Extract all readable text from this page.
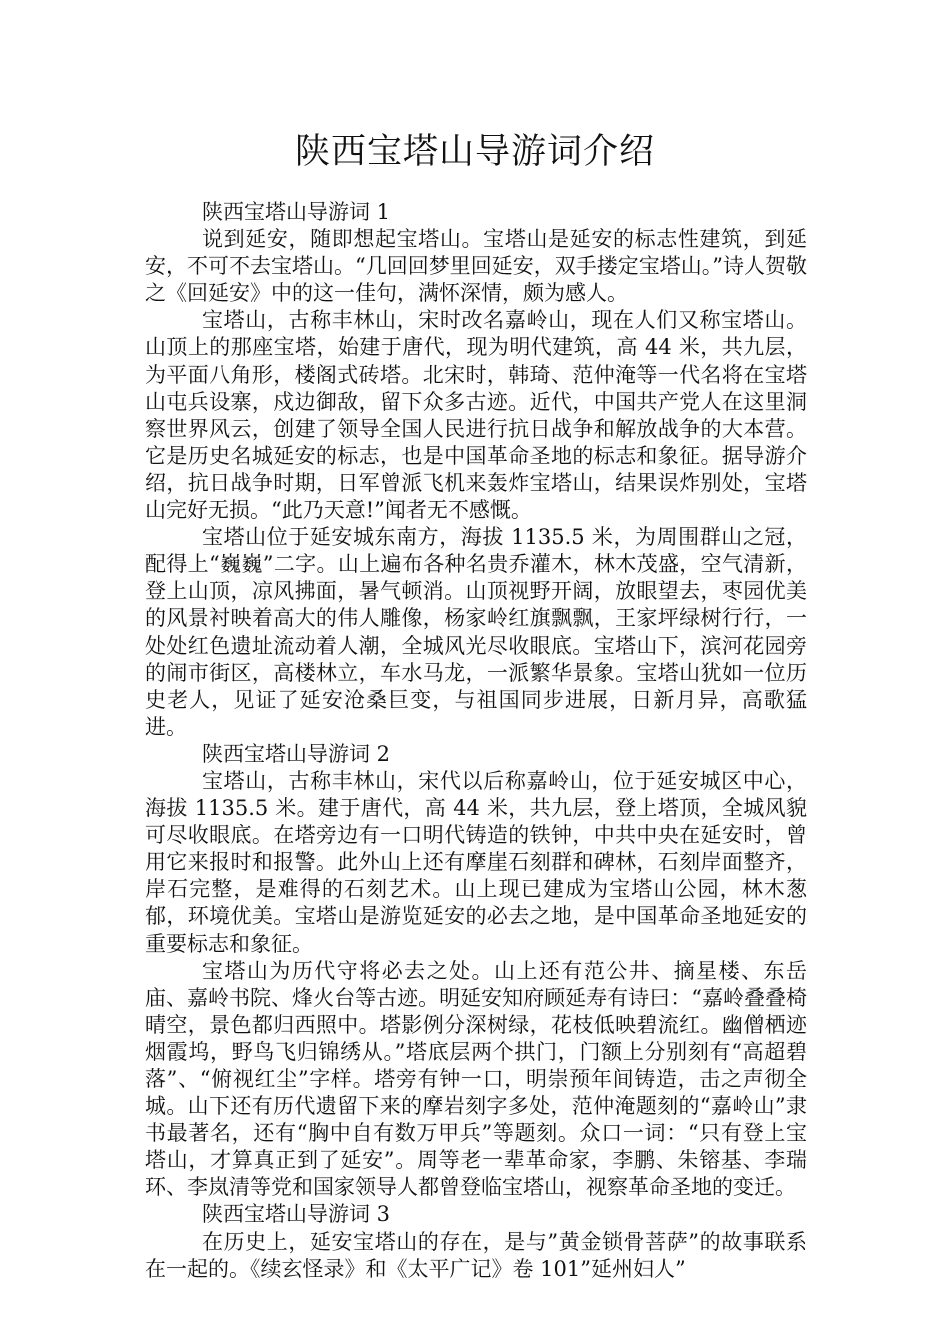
陕西宝塔山导游词介绍

陕西宝塔山导游词 1

说到延安，随即想起宝塔山。宝塔山是延安的标志性建筑，到延安，不可不去宝塔山。“几回回梦里回延安，双手搂定宝塔山。”诗人贺敬之《回延安》中的这一佳句，满怀深情，颇为感人。

宝塔山，古称丰林山，宋时改名嘉岭山，现在人们又称宝塔山。山顶上的那座宝塔，始建于唐代，现为明代建筑，高 44 米，共九层，为平面八角形，楼阁式砖塔。北宋时，韩琦、范仲淹等一代名将在宝塔山屯兵设寨，戍边御敌，留下众多古迹。近代，中国共产党人在这里洞察世界风云，创建了领导全国人民进行抗日战争和解放战争的大本营。它是历史名城延安的标志，也是中国革命圣地的标志和象征。据导游介绍，抗日战争时期，日军曾派飞机来轰炸宝塔山，结果误炸别处，宝塔山完好无损。“此乃天意!”闻者无不感慨。

宝塔山位于延安城东南方，海拔 1135.5 米，为周围群山之冠，配得上“巍巍”二字。山上遍布各种名贵乔灌木，林木茂盛，空气清新，登上山顶，凉风拂面，暑气顿消。山顶视野开阔，放眼望去，枣园优美的风景衬映着高大的伟人雕像，杨家岭红旗飘飘，王家坪绿树行行，一处处红色遗址流动着人潮，全城风光尽收眼底。宝塔山下，滨河花园旁的闹市街区，高楼林立，车水马龙，一派繁华景象。宝塔山犹如一位历史老人，见证了延安沧桑巨变，与祖国同步进展，日新月异，高歌猛进。

陕西宝塔山导游词 2

宝塔山，古称丰林山，宋代以后称嘉岭山，位于延安城区中心，海拔 1135.5 米。建于唐代，高 44 米，共九层，登上塔顶，全城风貌可尽收眼底。在塔旁边有一口明代铸造的铁钟，中共中央在延安时，曾用它来报时和报警。此外山上还有摩崖石刻群和碑林，石刻岸面整齐，岸石完整，是难得的石刻艺术。山上现已建成为宝塔山公园，林木葱郁，环境优美。宝塔山是游览延安的必去之地，是中国革命圣地延安的重要标志和象征。

宝塔山为历代守将必去之处。山上还有范公井、摘星楼、东岳庙、嘉岭书院、烽火台等古迹。明延安知府顾延寿有诗曰：“嘉岭叠叠椅晴空，景色都归西照中。塔影例分深树绿，花枝低映碧流红。幽僧栖迹烟霞坞，野鸟飞归锦绣从。”塔底层两个拱门，门额上分别刻有“高超碧落”、“俯视红尘”字样。塔旁有钟一口，明崇预年间铸造，击之声彻全城。山下还有历代遗留下来的摩岩刻字多处，范仲淹题刻的“嘉岭山”隶书最著名，还有“胸中自有数万甲兵”等题刻。众口一词：“只有登上宝塔山，才算真正到了延安”。周等老一辈革命家，李鹏、朱镕基、李瑞环、李岚清等党和国家领导人都曾登临宝塔山，视察革命圣地的变迁。

陕西宝塔山导游词 3

在历史上，延安宝塔山的存在，是与”黄金锁骨菩萨”的故事联系在一起的。《续玄怪录》和《太平广记》卷 101”延州妇人”
